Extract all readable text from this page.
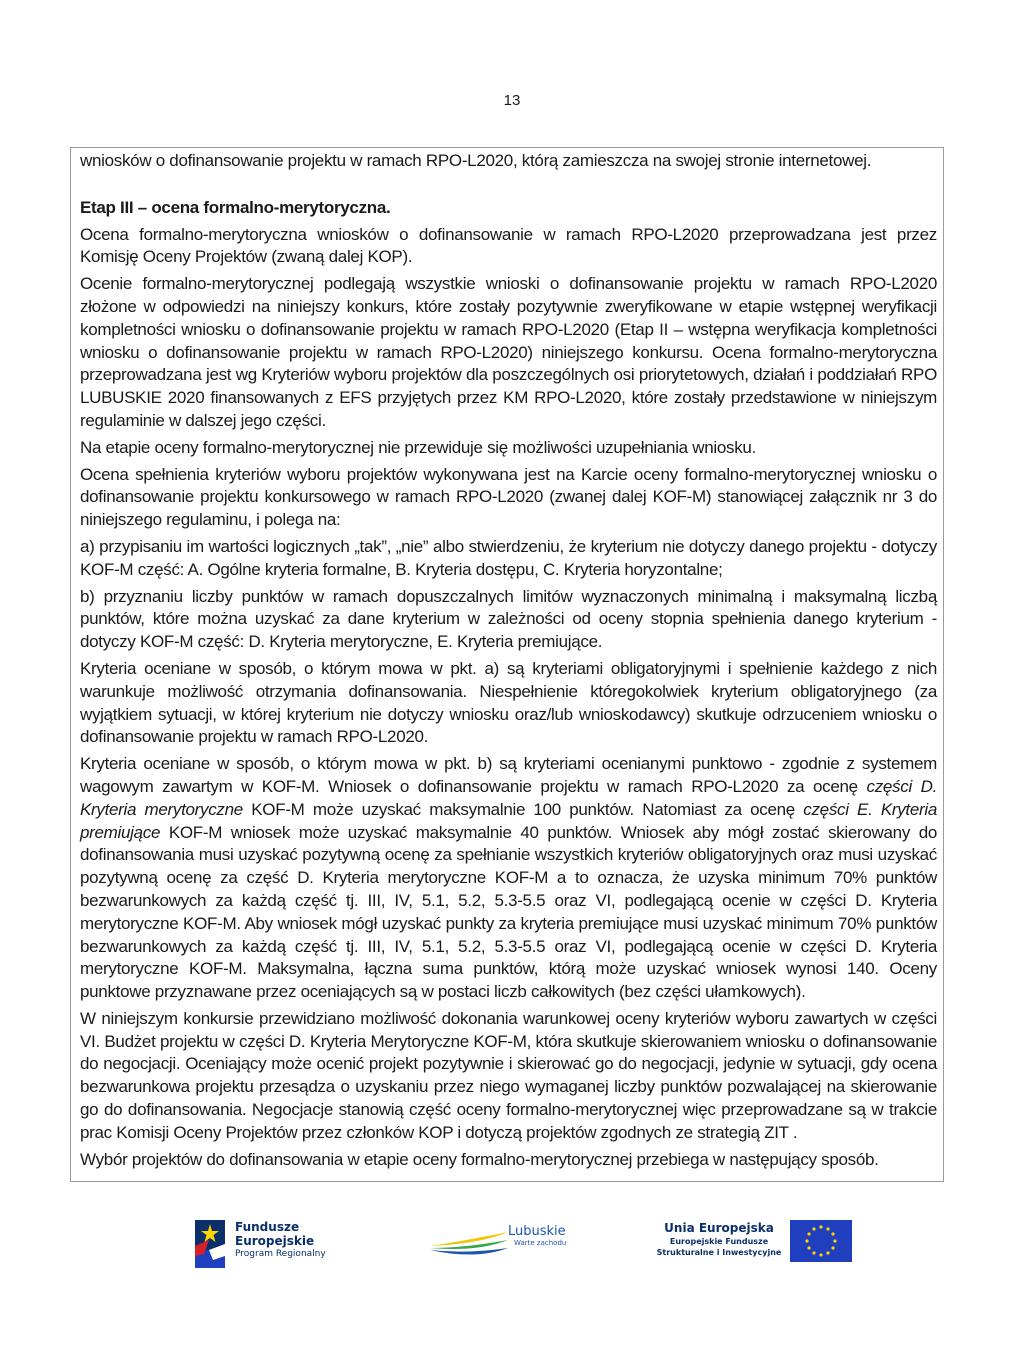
13

wniosków o dofinansowanie projektu w ramach RPO-L2020, którą zamieszcza na swojej stronie internetowej.

Etap III – ocena formalno-merytoryczna.

Ocena formalno-merytoryczna wniosków o dofinansowanie w ramach RPO-L2020 przeprowadzana jest przez Komisję Oceny Projektów (zwaną dalej KOP).

Ocenie formalno-merytorycznej podlegają wszystkie wnioski o dofinansowanie projektu w ramach RPO-L2020 złożone w odpowiedzi na niniejszy konkurs, które zostały pozytywnie zweryfikowane w etapie wstępnej weryfikacji kompletności wniosku o dofinansowanie projektu w ramach RPO-L2020 (Etap II – wstępna weryfikacja kompletności wniosku o dofinansowanie projektu w ramach RPO-L2020) niniejszego konkursu. Ocena formalno-merytoryczna przeprowadzana jest wg Kryteriów wyboru projektów dla poszczególnych osi priorytetowych, działań i poddziałań RPO LUBUSKIE 2020 finansowanych z EFS przyjętych przez KM RPO-L2020, które zostały przedstawione w niniejszym regulaminie w dalszej jego części.

Na etapie oceny formalno-merytorycznej nie przewiduje się możliwości uzupełniania wniosku.

Ocena spełnienia kryteriów wyboru projektów wykonywana jest na Karcie oceny formalno-merytorycznej wniosku o dofinansowanie projektu konkursowego w ramach RPO-L2020 (zwanej dalej KOF-M) stanowiącej załącznik nr 3 do niniejszego regulaminu, i polega na:

a) przypisaniu im wartości logicznych „tak”, „nie” albo stwierdzeniu, że kryterium nie dotyczy danego projektu - dotyczy KOF-M część: A. Ogólne kryteria formalne, B. Kryteria dostępu, C. Kryteria horyzontalne;

b) przyznaniu liczby punktów w ramach dopuszczalnych limitów wyznaczonych minimalną i maksymalną liczbą punktów, które można uzyskać za dane kryterium w zależności od oceny stopnia spełnienia danego kryterium - dotyczy KOF-M część: D. Kryteria merytoryczne, E. Kryteria premiujące.

Kryteria oceniane w sposób, o którym mowa w pkt. a) są kryteriami obligatoryjnymi i spełnienie każdego z nich warunkuje możliwość otrzymania dofinansowania. Niespełnienie któregokolwiek kryterium obligatoryjnego (za wyjątkiem sytuacji, w której kryterium nie dotyczy wniosku oraz/lub wnioskodawcy) skutkuje odrzuceniem wniosku o dofinansowanie projektu w ramach RPO-L2020.

Kryteria oceniane w sposób, o którym mowa w pkt. b) są kryteriami ocenianymi punktowo - zgodnie z systemem wagowym zawartym w KOF-M. Wniosek o dofinansowanie projektu w ramach RPO-L2020 za ocenę części D. Kryteria merytoryczne KOF-M może uzyskać maksymalnie 100 punktów. Natomiast za ocenę części E. Kryteria premiujące KOF-M wniosek może uzyskać maksymalnie 40 punktów. Wniosek aby mógł zostać skierowany do dofinansowania musi uzyskać pozytywną ocenę za spełnianie wszystkich kryteriów obligatoryjnych oraz musi uzyskać pozytywną ocenę za część D. Kryteria merytoryczne KOF-M a to oznacza, że uzyska minimum 70% punktów bezwarunkowych za każdą część tj. III, IV, 5.1, 5.2, 5.3-5.5 oraz VI, podlegającą ocenie w części D. Kryteria merytoryczne KOF-M. Aby wniosek mógł uzyskać punkty za kryteria premiujące musi uzyskać minimum 70% punktów bezwarunkowych za każdą część tj. III, IV, 5.1, 5.2, 5.3-5.5 oraz VI, podlegającą ocenie w części D. Kryteria merytoryczne KOF-M. Maksymalna, łączna suma punktów, którą może uzyskać wniosek wynosi 140. Oceny punktowe przyznawane przez oceniających są w postaci liczb całkowitych (bez części ułamkowych).

W niniejszym konkursie przewidziano możliwość dokonania warunkowej oceny kryteriów wyboru zawartych w części VI. Budżet projektu w części D. Kryteria Merytoryczne KOF-M, która skutkuje skierowaniem wniosku o dofinansowanie do negocjacji. Oceniający może ocenić projekt pozytywnie i skierować go do negocjacji, jedynie w sytuacji, gdy ocena bezwarunkowa projektu przesądza o uzyskaniu przez niego wymaganej liczby punktów pozwalającej na skierowanie go do dofinansowania. Negocjacje stanowią część oceny formalno-merytorycznej więc przeprowadzane są w trakcie prac Komisji Oceny Projektów przez członków KOP i dotyczą projektów zgodnych ze strategią ZIT .

Wybór projektów do dofinansowania w etapie oceny formalno-merytorycznej przebiega w następujący sposób.

Fundusze
Europejskie
Program Regionalny
Lubuskie
Warte zachodu
Unia Europejska
Europejskie Fundusze
Strukturalne i Inwestycyjne
